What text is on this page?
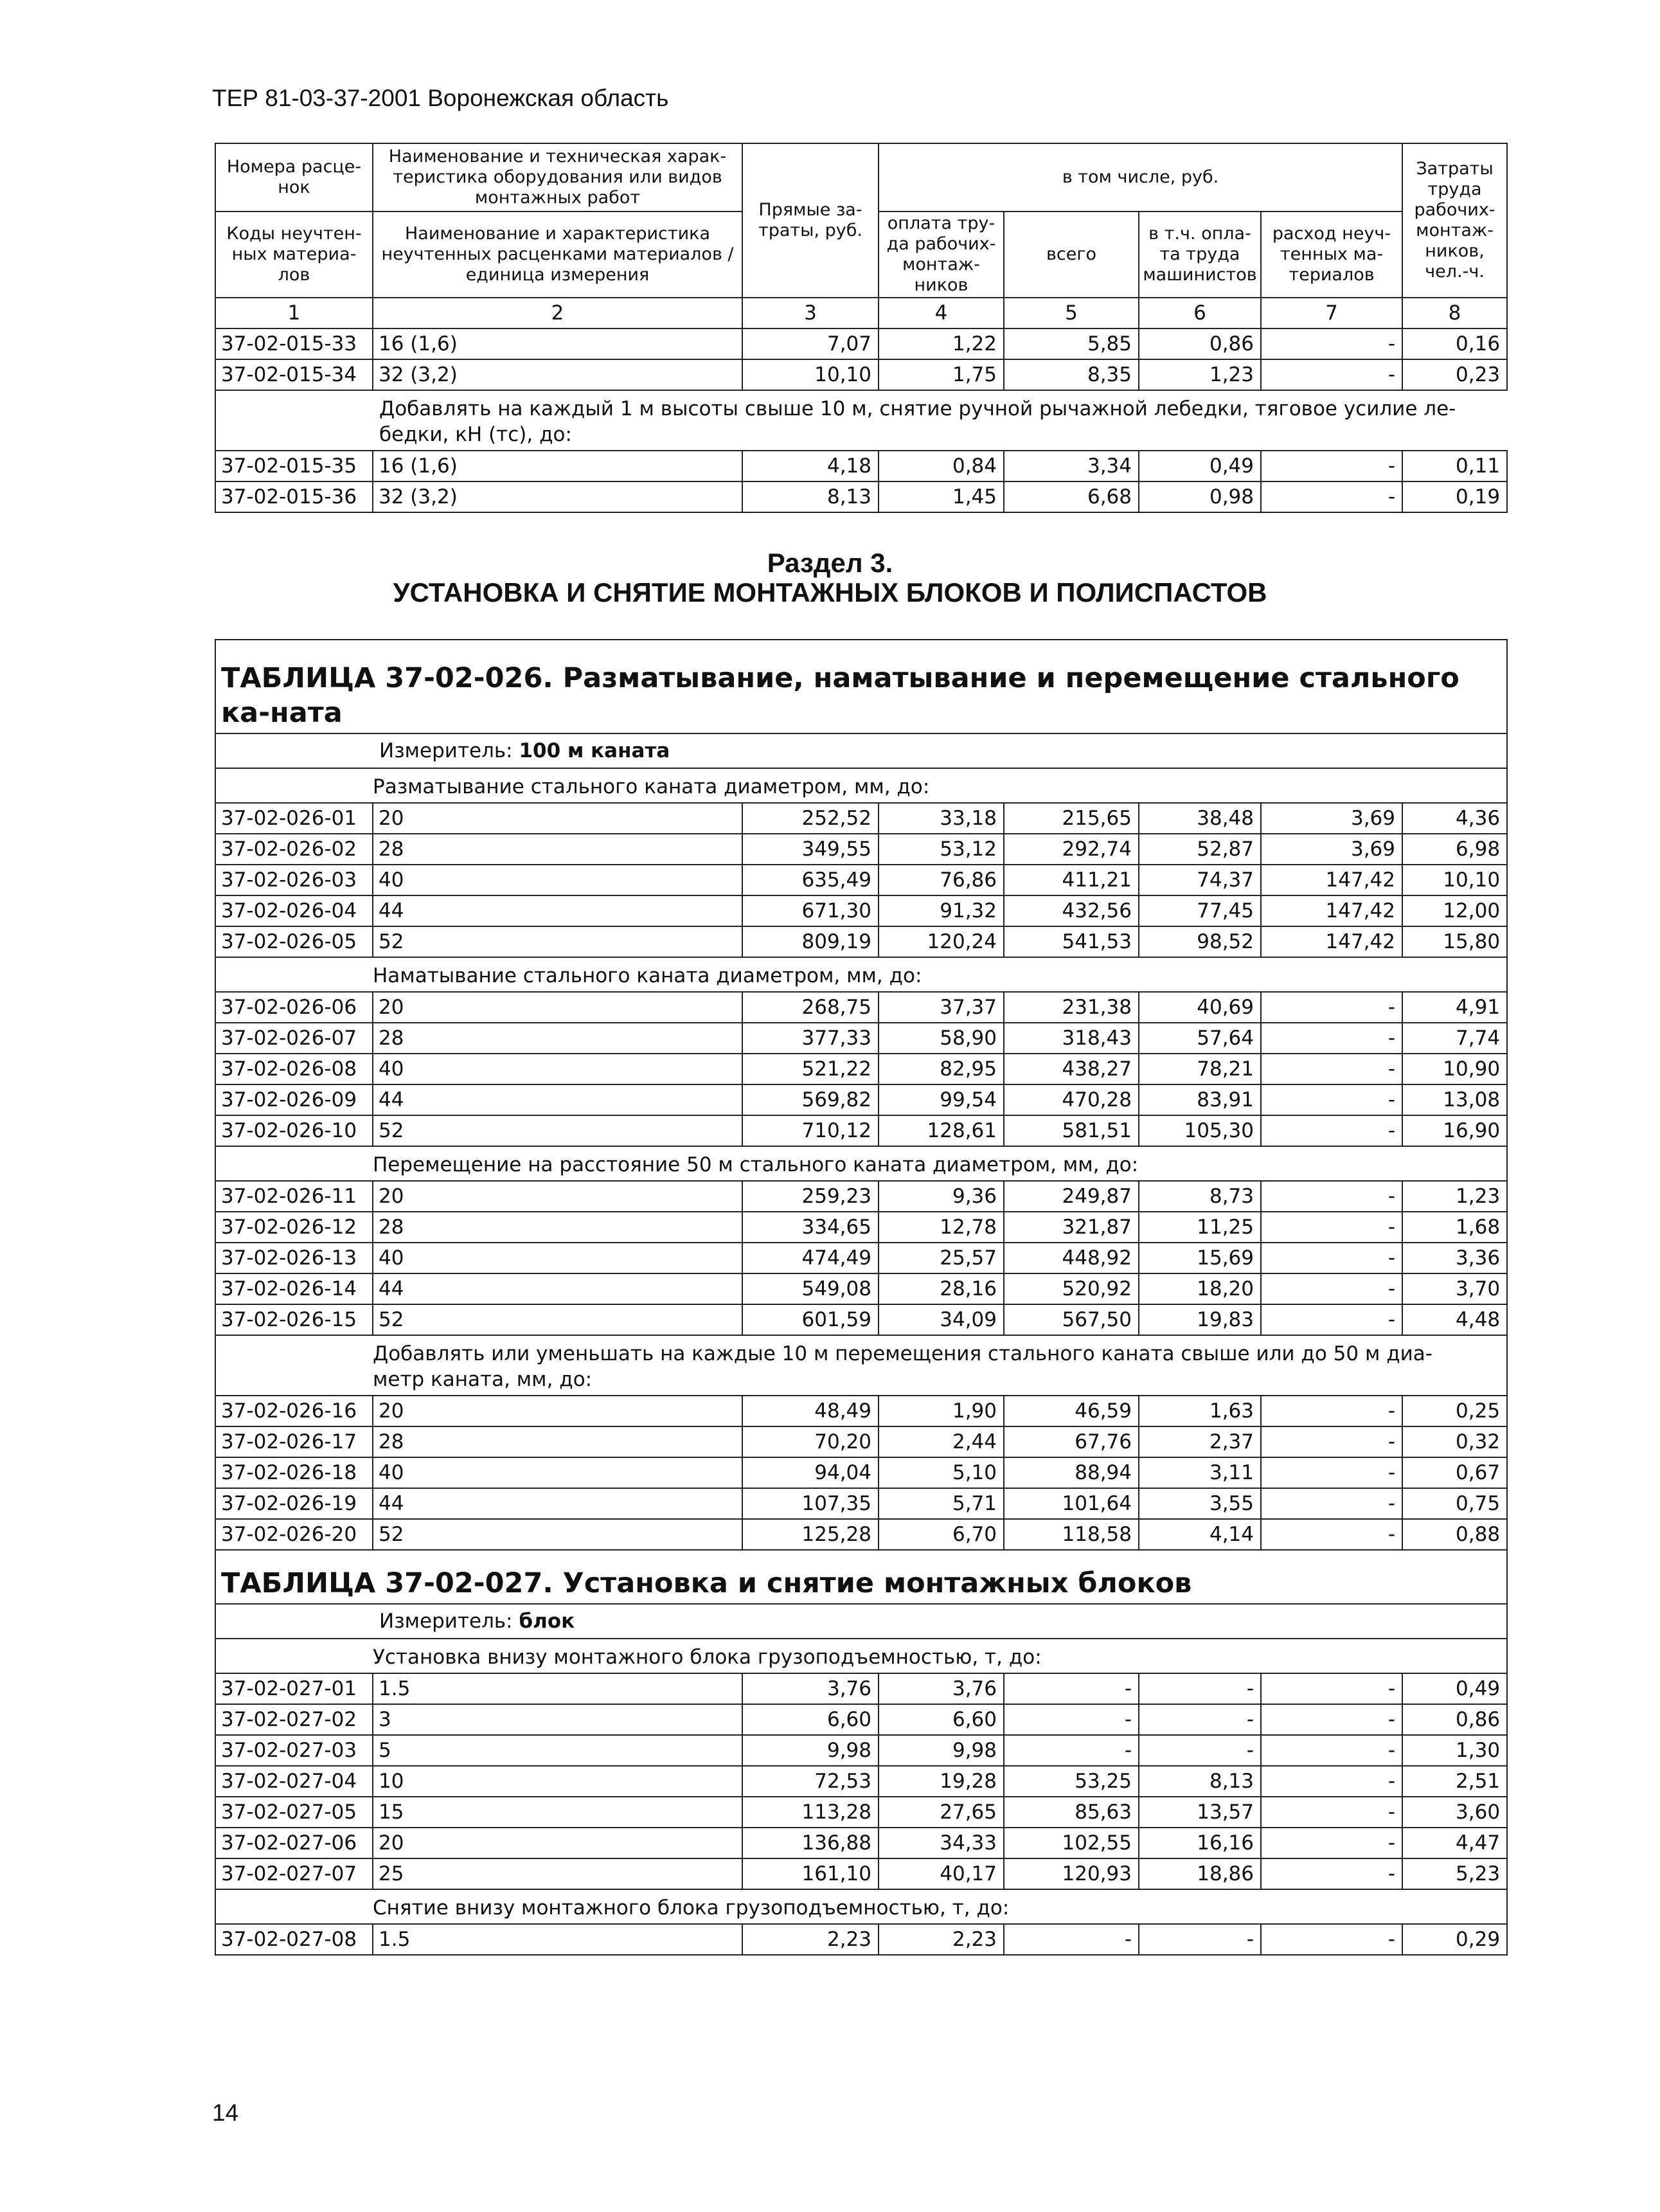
ТЕР 81-03-37-2001 Воронежская область
Номера расце-нок	Наименование и техническая харак-теристика оборудования или видов монтажных работ	Прямые за-траты, руб.	в том числе, руб.				Затраты труда рабочих-монтаж-ников, чел.-ч.
Коды неучтен-ных материа-лов	Наименование и характеристика неучтенных расценками материалов / единица измерения		оплата тру-да рабочих-монтаж-ников	всего	в т.ч. опла-та труда машинистов	расход неуч-тенных ма-териалов	
1	2	3	4	5	6	7	8
37-02-015-33	16 (1,6)	7,07	1,22	5,85	0,86	-	0,16
37-02-015-34	32 (3,2)	10,10	1,75	8,35	1,23	-	0,23
	Добавлять на каждый 1 м высоты свыше 10 м, снятие ручной рычажной лебедки, тяговое усилие ле-бедки, кН (тс), до:						
37-02-015-35	16 (1,6)	4,18	0,84	3,34	0,49	-	0,11
37-02-015-36	32 (3,2)	8,13	1,45	6,68	0,98	-	0,19
Раздел 3.
УСТАНОВКА И СНЯТИЕ МОНТАЖНЫХ БЛОКОВ И ПОЛИСПАСТОВ
ТАБЛИЦА 37-02-026. Разматывание, наматывание и перемещение стального ка-ната							
Измеритель: 100 м каната							
Разматывание стального каната диаметром, мм, до:							
37-02-026-01	20	252,52	33,18	215,65	38,48	3,69	4,36
37-02-026-02	28	349,55	53,12	292,74	52,87	3,69	6,98
37-02-026-03	40	635,49	76,86	411,21	74,37	147,42	10,10
37-02-026-04	44	671,30	91,32	432,56	77,45	147,42	12,00
37-02-026-05	52	809,19	120,24	541,53	98,52	147,42	15,80
Наматывание стального каната диаметром, мм, до:							
37-02-026-06	20	268,75	37,37	231,38	40,69	-	4,91
37-02-026-07	28	377,33	58,90	318,43	57,64	-	7,74
37-02-026-08	40	521,22	82,95	438,27	78,21	-	10,90
37-02-026-09	44	569,82	99,54	470,28	83,91	-	13,08
37-02-026-10	52	710,12	128,61	581,51	105,30	-	16,90
Перемещение на расстояние 50 м стального каната диаметром, мм, до:							
37-02-026-11	20	259,23	9,36	249,87	8,73	-	1,23
37-02-026-12	28	334,65	12,78	321,87	11,25	-	1,68
37-02-026-13	40	474,49	25,57	448,92	15,69	-	3,36
37-02-026-14	44	549,08	28,16	520,92	18,20	-	3,70
37-02-026-15	52	601,59	34,09	567,50	19,83	-	4,48
Добавлять или уменьшать на каждые 10 м перемещения стального каната свыше или до 50 м диа-метр каната, мм, до:							
37-02-026-16	20	48,49	1,90	46,59	1,63	-	0,25
37-02-026-17	28	70,20	2,44	67,76	2,37	-	0,32
37-02-026-18	40	94,04	5,10	88,94	3,11	-	0,67
37-02-026-19	44	107,35	5,71	101,64	3,55	-	0,75
37-02-026-20	52	125,28	6,70	118,58	4,14	-	0,88
ТАБЛИЦА 37-02-027. Установка и снятие монтажных блоков							
Измеритель: блок							
Установка внизу монтажного блока грузоподъемностью, т, до:							
37-02-027-01	1.5	3,76	3,76	-	-	-	0,49
37-02-027-02	3	6,60	6,60	-	-	-	0,86
37-02-027-03	5	9,98	9,98	-	-	-	1,30
37-02-027-04	10	72,53	19,28	53,25	8,13	-	2,51
37-02-027-05	15	113,28	27,65	85,63	13,57	-	3,60
37-02-027-06	20	136,88	34,33	102,55	16,16	-	4,47
37-02-027-07	25	161,10	40,17	120,93	18,86	-	5,23
Снятие внизу монтажного блока грузоподъемностью, т, до:							
37-02-027-08	1.5	2,23	2,23	-	-	-	0,29
14
